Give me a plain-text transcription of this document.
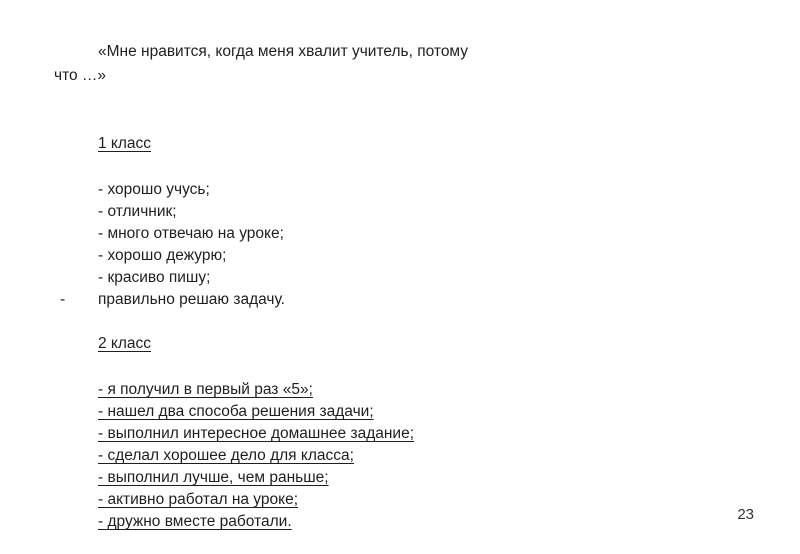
«Мне нравится, когда меня хвалит учитель, потому
что …»
1 класс
- хорошо учусь;
- отличник;
- много отвечаю на уроке;
- хорошо дежурю;
- красиво пишу;
- правильно решаю задачу.
2 класс
- я получил в первый раз «5»;
- нашел два способа решения задачи;
- выполнил интересное домашнее задание;
- сделал хорошее дело для класса;
- выполнил лучше, чем раньше;
- активно работал на уроке;
- дружно вместе работали.	23
